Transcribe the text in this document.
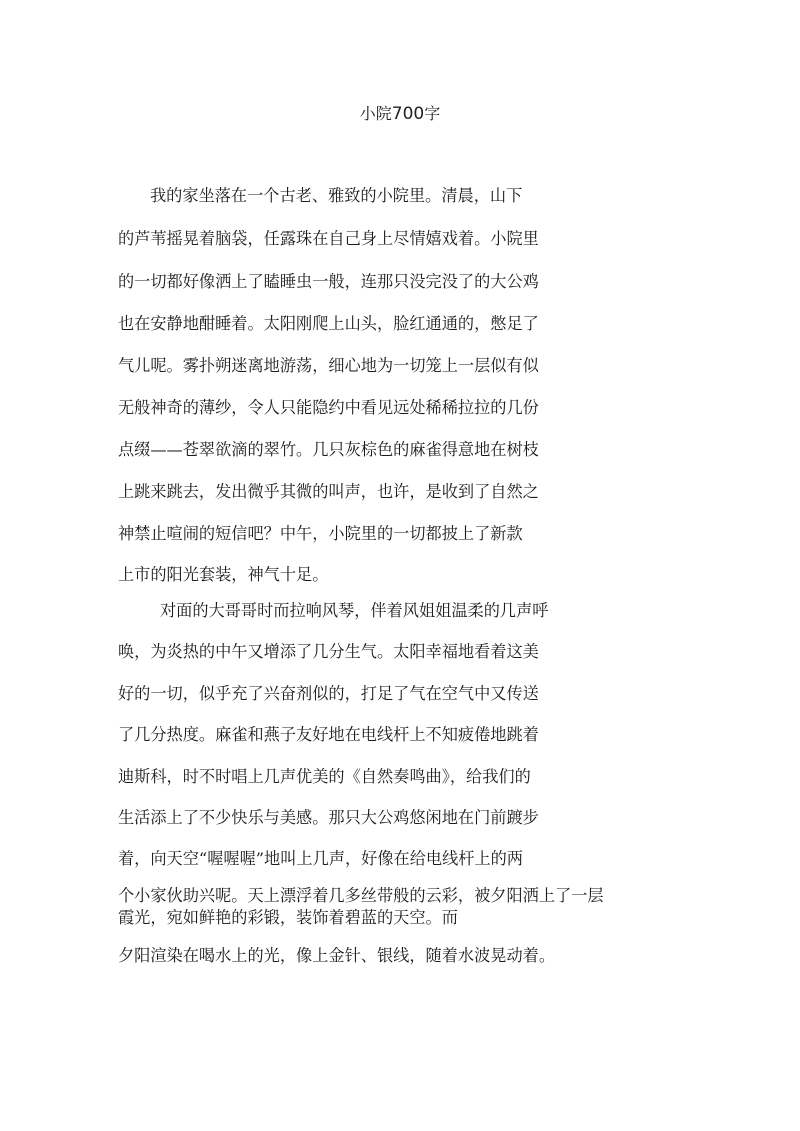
小院700字
我的家坐落在一个古老、雅致的小院里。清晨，山下
的芦苇摇晃着脑袋，任露珠在自己身上尽情嬉戏着。小院里
的一切都好像洒上了瞌睡虫一般，连那只没完没了的大公鸡
也在安静地酣睡着。太阳刚爬上山头，脸红通通的，憋足了
气儿呢。雾扑朔迷离地游荡，细心地为一切笼上一层似有似
无般神奇的薄纱，令人只能隐约中看见远处稀稀拉拉的几份
点缀——苍翠欲滴的翠竹。几只灰棕色的麻雀得意地在树枝
上跳来跳去，发出微乎其微的叫声，也许，是收到了自然之
神禁止喧闹的短信吧？中午，小院里的一切都披上了新款
上市的阳光套装，神气十足。
对面的大哥哥时而拉响风琴，伴着风姐姐温柔的几声呼
唤，为炎热的中午又增添了几分生气。太阳幸福地看着这美
好的一切，似乎充了兴奋剂似的，打足了气在空气中又传送
了几分热度。麻雀和燕子友好地在电线杆上不知疲倦地跳着
迪斯科，时不时唱上几声优美的《自然奏鸣曲》，给我们的
生活添上了不少快乐与美感。那只大公鸡悠闲地在门前踱步
着，向天空“喔喔喔”地叫上几声，好像在给电线杆上的两
个小家伙助兴呢。天上漂浮着几多丝带般的云彩，被夕阳洒上了一层
霞光，宛如鲜艳的彩锻，装饰着碧蓝的天空。而
夕阳渲染在喝水上的光，像上金针、银线，随着水波晃动着。
